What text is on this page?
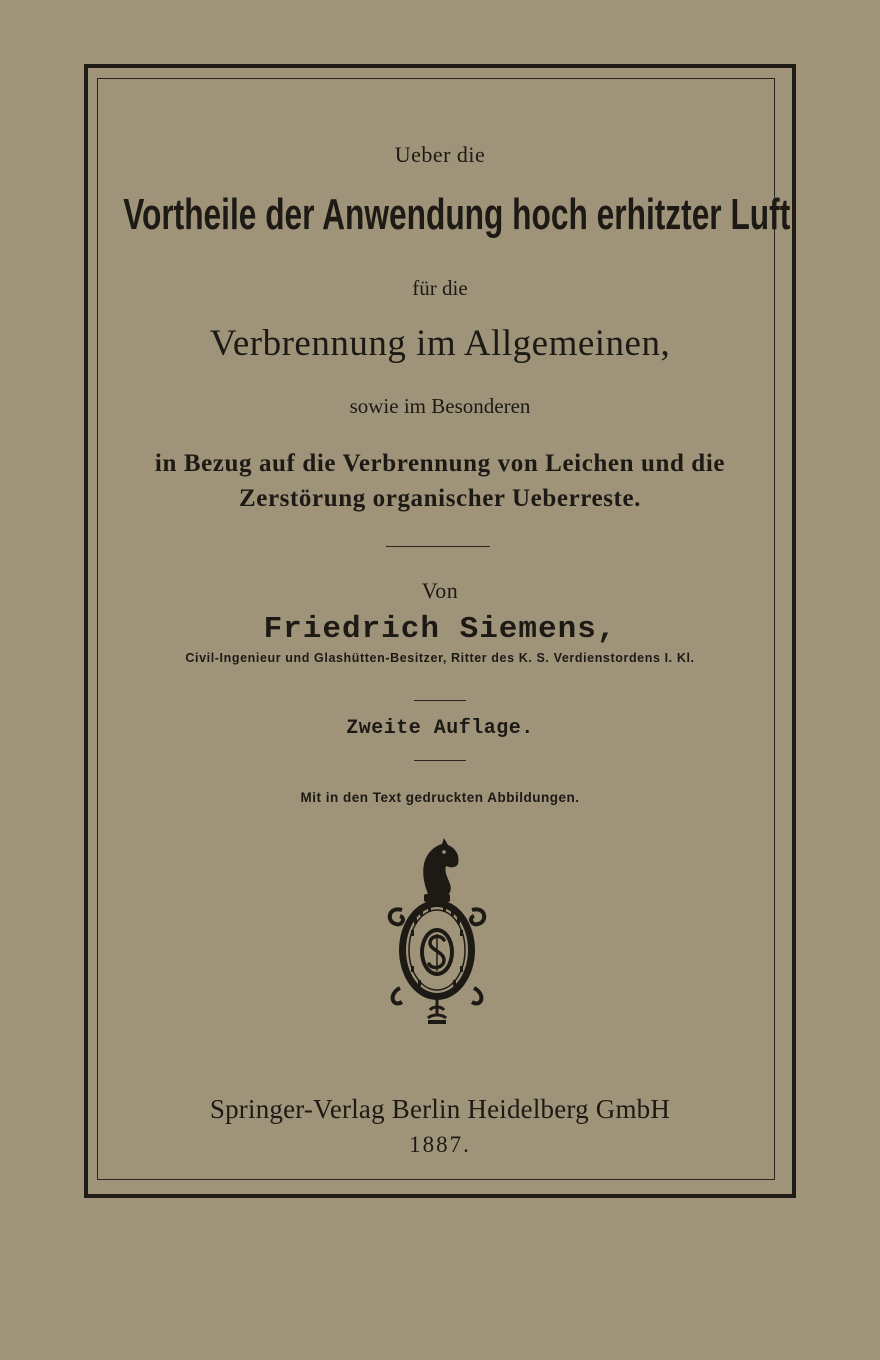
Ueber die
Vortheile der Anwendung hoch erhitzter Luft
für die
Verbrennung im Allgemeinen,
sowie im Besonderen
in Bezug auf die Verbrennung von Leichen und die
Zerstörung organischer Ueberreste.
Von
Friedrich Siemens,
Civil-Ingenieur und Glashütten-Besitzer, Ritter des K. S. Verdienstordens I. Kl.
Zweite Auflage.
Mit in den Text gedruckten Abbildungen.
Springer-Verlag Berlin Heidelberg GmbH
1887.
